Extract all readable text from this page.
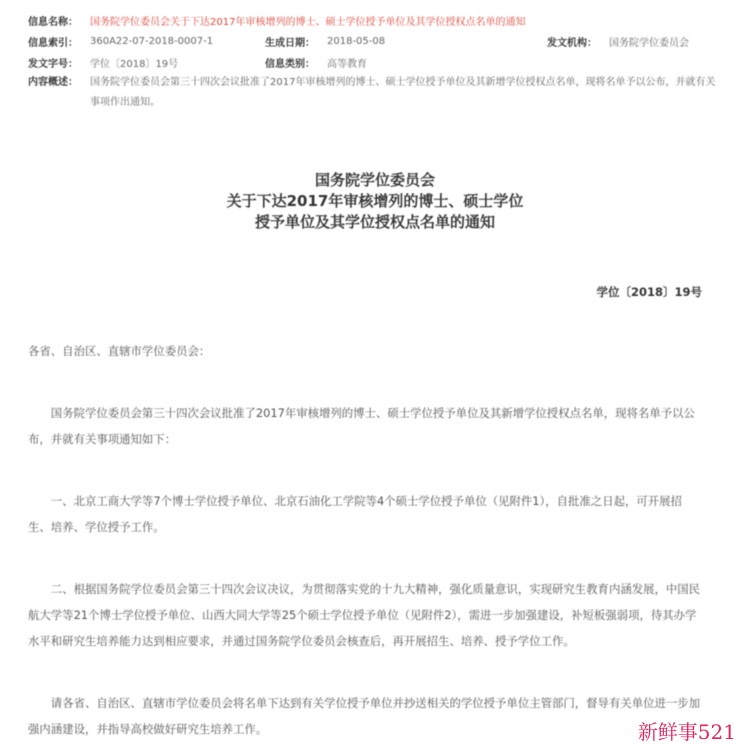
信息名称：	国务院学位委员会关于下达2017年审核增列的博士、硕士学位授予单位及其学位授权点名单的通知
信息索引：	360A22-07-2018-0007-1	生成日期：	2018-05-08	发文机构：	国务院学位委员会
发文字号：	学位〔2018〕19号	信息类别：	高等教育
内容概述：	国务院学位委员会第三十四次会议批准了2017年审核增列的博士、硕士学位授予单位及其新增学位授权点名单，现将名单予以公布，并就有关事项作出通知。
国务院学位委员会
关于下达2017年审核增列的博士、硕士学位
授予单位及其学位授权点名单的通知
学位〔2018〕19号

各省、自治区、直辖市学位委员会：

国务院学位委员会第三十四次会议批准了2017年审核增列的博士、硕士学位授予单位及其新增学位授权点名单，现将名单予以公布，并就有关事项通知如下：

一、北京工商大学等7个博士学位授予单位、北京石油化工学院等4个硕士学位授予单位（见附件1），自批准之日起，可开展招生、培养、学位授予工作。

二、根据国务院学位委员会第三十四次会议决议，为贯彻落实党的十九大精神，强化质量意识，实现研究生教育内涵发展，中国民航大学等21个博士学位授予单位、山西大同大学等25个硕士学位授予单位（见附件2），需进一步加强建设，补短板强弱项，待其办学水平和研究生培养能力达到相应要求，并通过国务院学位委员会核查后，再开展招生、培养、授予学位工作。

请各省、自治区、直辖市学位委员会将名单下达到有关学位授予单位并抄送相关的学位授予单位主管部门，督导有关单位进一步加强内涵建设，并指导高校做好研究生培养工作。	新鲜事521
